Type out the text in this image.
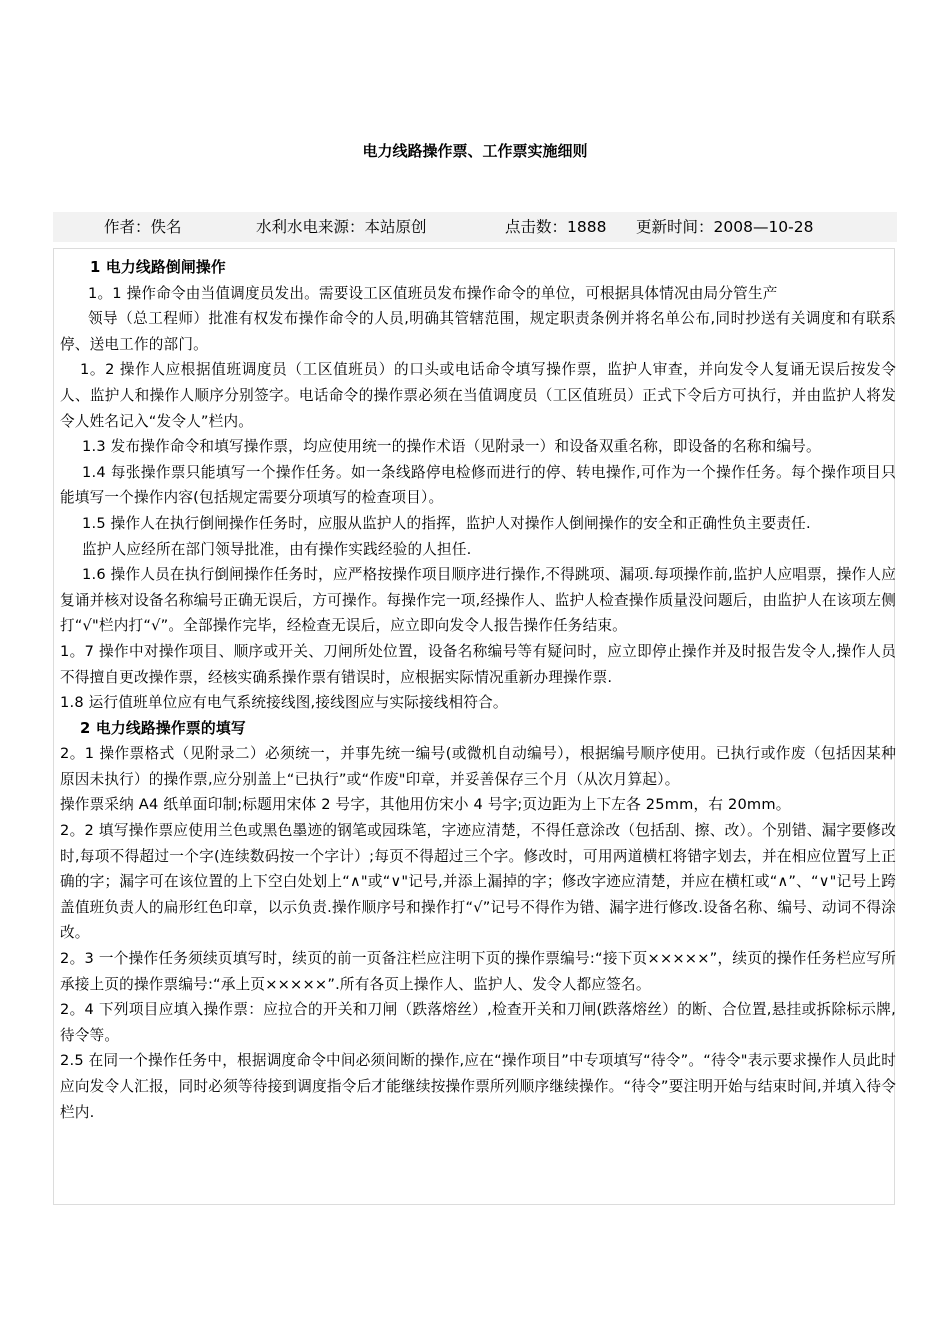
电力线路操作票、工作票实施细则
作者：佚名	水利水电来源：本站原创	点击数：1888 更新时间：2008—10-28

1 电力线路倒闸操作

1。1 操作命令由当值调度员发出。需要设工区值班员发布操作命令的单位，可根据具体情况由局分管生产

领导（总工程师）批准有权发布操作命令的人员,明确其管辖范围，规定职责条例并将名单公布,同时抄送有关调度和有联系停、送电工作的部门。

1。2 操作人应根据值班调度员（工区值班员）的口头或电话命令填写操作票，监护人审查，并向发令人复诵无误后按发令人、监护人和操作人顺序分别签字。电话命令的操作票必须在当值调度员（工区值班员）正式下令后方可执行，并由监护人将发令人姓名记入“发令人”栏内。

1.3 发布操作命令和填写操作票，均应使用统一的操作术语（见附录一）和设备双重名称，即设备的名称和编号。

1.4 每张操作票只能填写一个操作任务。如一条线路停电检修而进行的停、转电操作,可作为一个操作任务。每个操作项目只能填写一个操作内容(包括规定需要分项填写的检查项目）。

1.5 操作人在执行倒闸操作任务时，应服从监护人的指挥，监护人对操作人倒闸操作的安全和正确性负主要责任.

监护人应经所在部门领导批准，由有操作实践经验的人担任.

1.6 操作人员在执行倒闸操作任务时，应严格按操作项目顺序进行操作,不得跳项、漏项.每项操作前,监护人应唱票，操作人应复诵并核对设备名称编号正确无误后，方可操作。每操作完一项,经操作人、监护人检查操作质量没问题后，由监护人在该项左侧打“√"栏内打“√”。全部操作完毕，经检查无误后，应立即向发令人报告操作任务结束。

1。7 操作中对操作项目、顺序或开关、刀闸所处位置，设备名称编号等有疑问时，应立即停止操作并及时报告发令人,操作人员不得擅自更改操作票，经核实确系操作票有错误时，应根据实际情况重新办理操作票.

1.8 运行值班单位应有电气系统接线图,接线图应与实际接线相符合。

2 电力线路操作票的填写

2。1 操作票格式（见附录二）必须统一，并事先统一编号(或微机自动编号），根据编号顺序使用。已执行或作废（包括因某种原因未执行）的操作票,应分别盖上“已执行”或“作废"印章，并妥善保存三个月（从次月算起）。

操作票采纳 A4 纸单面印制;标题用宋体 2 号字，其他用仿宋小 4 号字;页边距为上下左各 25mm，右 20mm。

2。2 填写操作票应使用兰色或黑色墨迹的钢笔或园珠笔，字迹应清楚，不得任意涂改（包括刮、擦、改）。个别错、漏字要修改时,每项不得超过一个字(连续数码按一个字计）;每页不得超过三个字。修改时，可用两道横杠将错字划去，并在相应位置写上正确的字；漏字可在该位置的上下空白处划上“∧"或“∨"记号,并添上漏掉的字；修改字迹应清楚，并应在横杠或“∧”、“∨"记号上跨盖值班负责人的扁形红色印章，以示负责.操作顺序号和操作打“√”记号不得作为错、漏字进行修改.设备名称、编号、动词不得涂改。

2。3 一个操作任务须续页填写时，续页的前一页备注栏应注明下页的操作票编号:“接下页×××××”，续页的操作任务栏应写所承接上页的操作票编号:“承上页×××××”.所有各页上操作人、监护人、发令人都应签名。

2。4 下列项目应填入操作票：应拉合的开关和刀闸（跌落熔丝）,检查开关和刀闸(跌落熔丝）的断、合位置,悬挂或拆除标示牌,待令等。

2.5 在同一个操作任务中，根据调度命令中间必须间断的操作,应在“操作项目”中专项填写“待令”。“待令"表示要求操作人员此时应向发令人汇报，同时必须等待接到调度指令后才能继续按操作票所列顺序继续操作。“待令”要注明开始与结束时间,并填入待令栏内.
